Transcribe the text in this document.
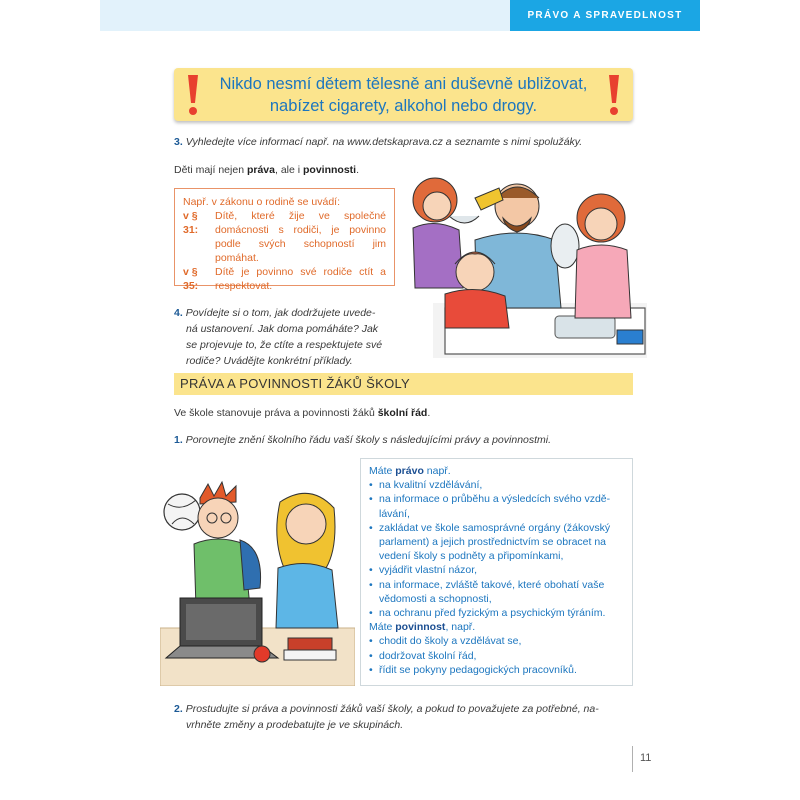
PRÁVO A SPRAVEDLNOST
Nikdo nesmí dětem tělesně ani duševně ubližovat,
nabízet cigarety, alkohol nebo drogy.
3. Vyhledejte více informací např. na www.detskaprava.cz a seznamte s nimi spolužáky.
Děti mají nejen práva, ale i povinnosti.
Např. v zákonu o rodině se uvádí:
v § 31:
Dítě, které žije ve společné domácnosti s rodiči, je povinno podle svých schopností jim pomáhat.
v § 35:
Dítě je povinno své rodiče ctít a respektovat.
4. Povídejte si o tom, jak dodržujete uvede-
ná ustanovení. Jak doma pomáháte? Jak
se projevuje to, že ctíte a respektujete své
rodiče? Uvádějte konkrétní příklady.
PRÁVA A POVINNOSTI ŽÁKŮ ŠKOLY
Ve škole stanovuje práva a povinnosti žáků školní řád.
1. Porovnejte znění školního řádu vaší školy s následujícími právy a povinnostmi.
Máte právo např.
• na kvalitní vzdělávání,
• na informace o průběhu a výsledcích svého vzdě-
lávání,
• zakládat ve škole samosprávné orgány (žákovský
parlament) a jejich prostřednictvím se obracet na
vedení školy s podněty a připomínkami,
• vyjádřit vlastní názor,
• na informace, zvláště takové, které obohatí vaše
vědomosti a schopnosti,
• na ochranu před fyzickým a psychickým týráním.
Máte povinnost, např.
• chodit do školy a vzdělávat se,
• dodržovat školní řád,
• řídit se pokyny pedagogických pracovníků.
2. Prostudujte si práva a povinnosti žáků vaší školy, a pokud to považujete za potřebné, na-
vrhněte změny a prodebatujte je ve skupinách.
11
